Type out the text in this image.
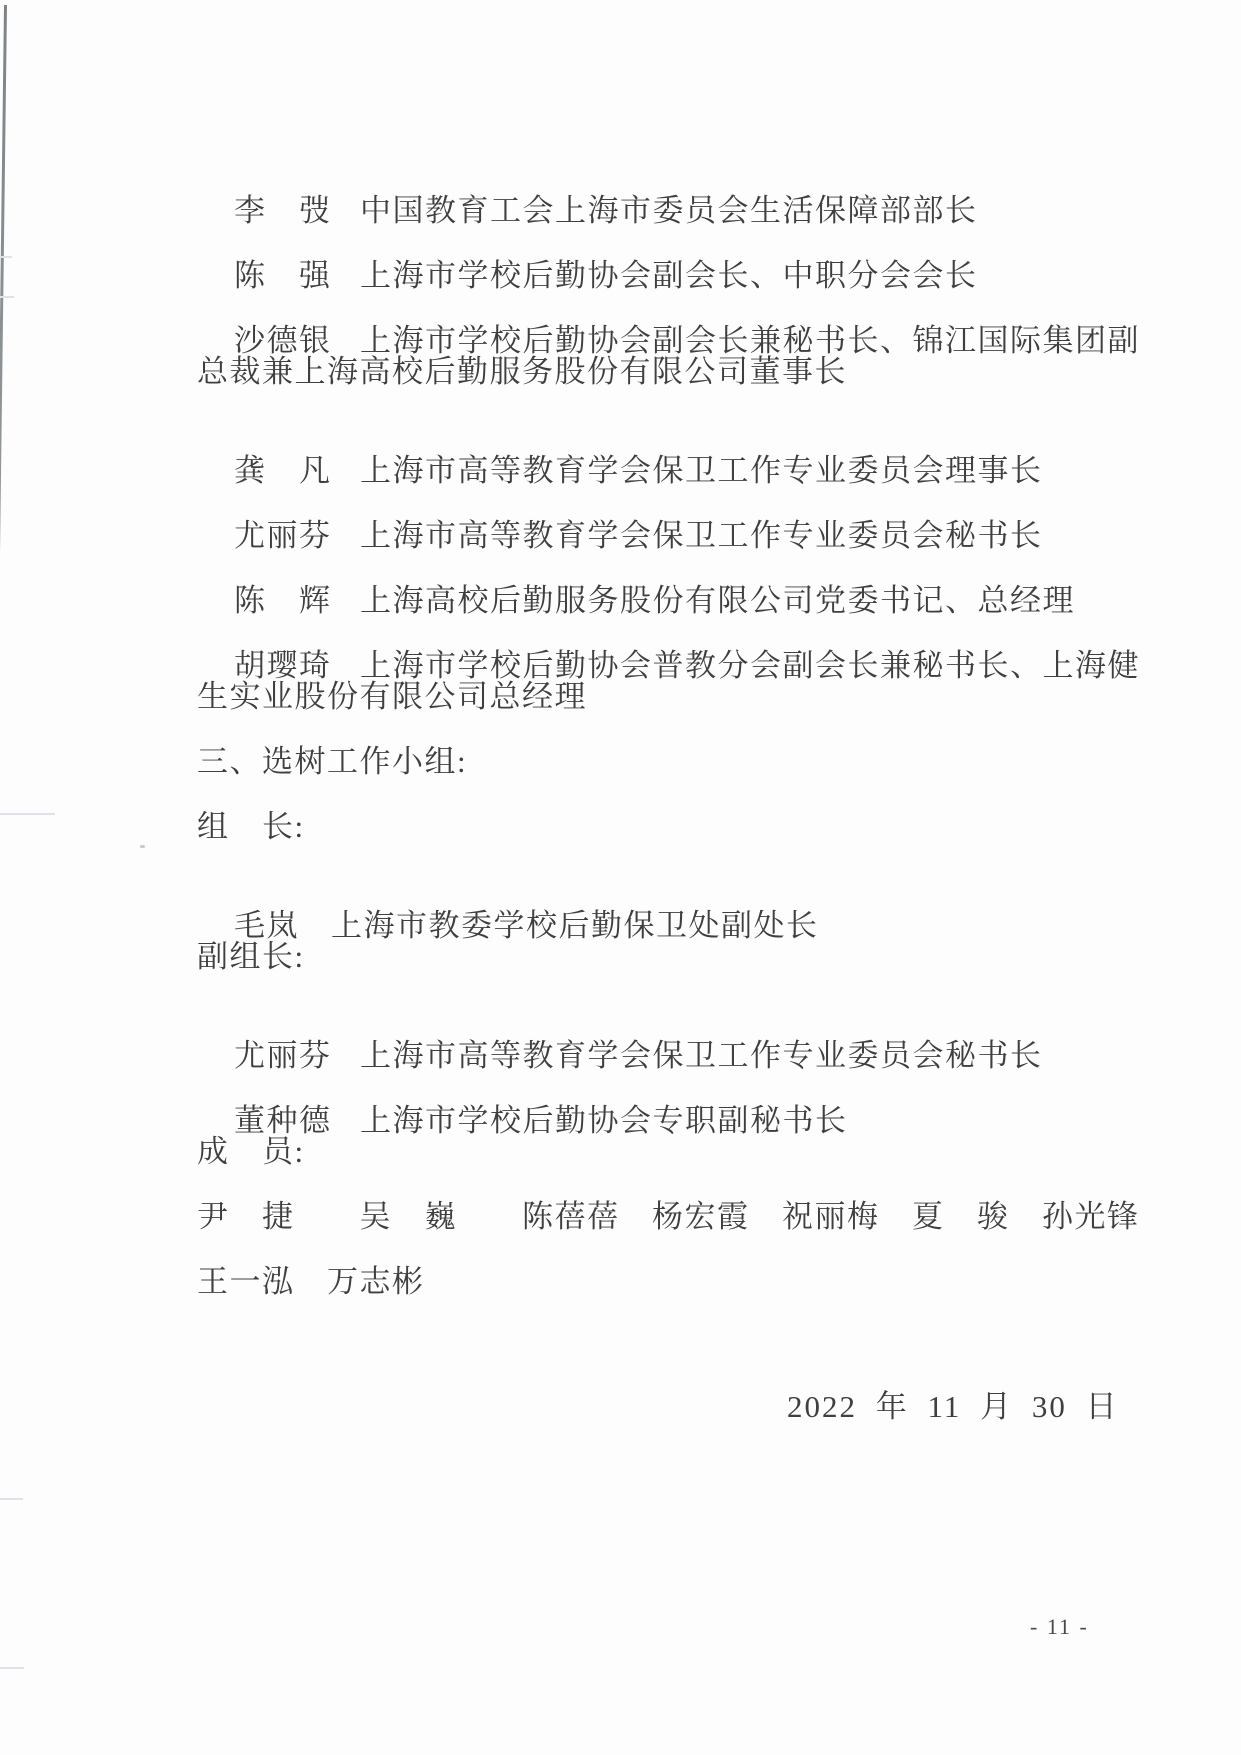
李　弢 中国教育工会上海市委员会生活保障部部长

陈　强 上海市学校后勤协会副会长、中职分会会长

沙德银 上海市学校后勤协会副会长兼秘书长、锦江国际集团副

总裁兼上海高校后勤服务股份有限公司董事长

龚　凡 上海市高等教育学会保卫工作专业委员会理事长

尤丽芬 上海市高等教育学会保卫工作专业委员会秘书长

陈　辉 上海高校后勤服务股份有限公司党委书记、总经理

胡璎琦 上海市学校后勤协会普教分会副会长兼秘书长、上海健

生实业股份有限公司总经理
三、选树工作小组:
组　长:

毛岚 上海市教委学校后勤保卫处副处长

副组长:

尤丽芬 上海市高等教育学会保卫工作专业委员会秘书长

董种德 上海市学校后勤协会专职副秘书长

成　员:
尹　捷　　吴　巍　　陈蓓蓓　杨宏霞　祝丽梅　夏　骏　孙光锋
王一泓　万志彬
2022 年 11 月 30 日
- 11 -
